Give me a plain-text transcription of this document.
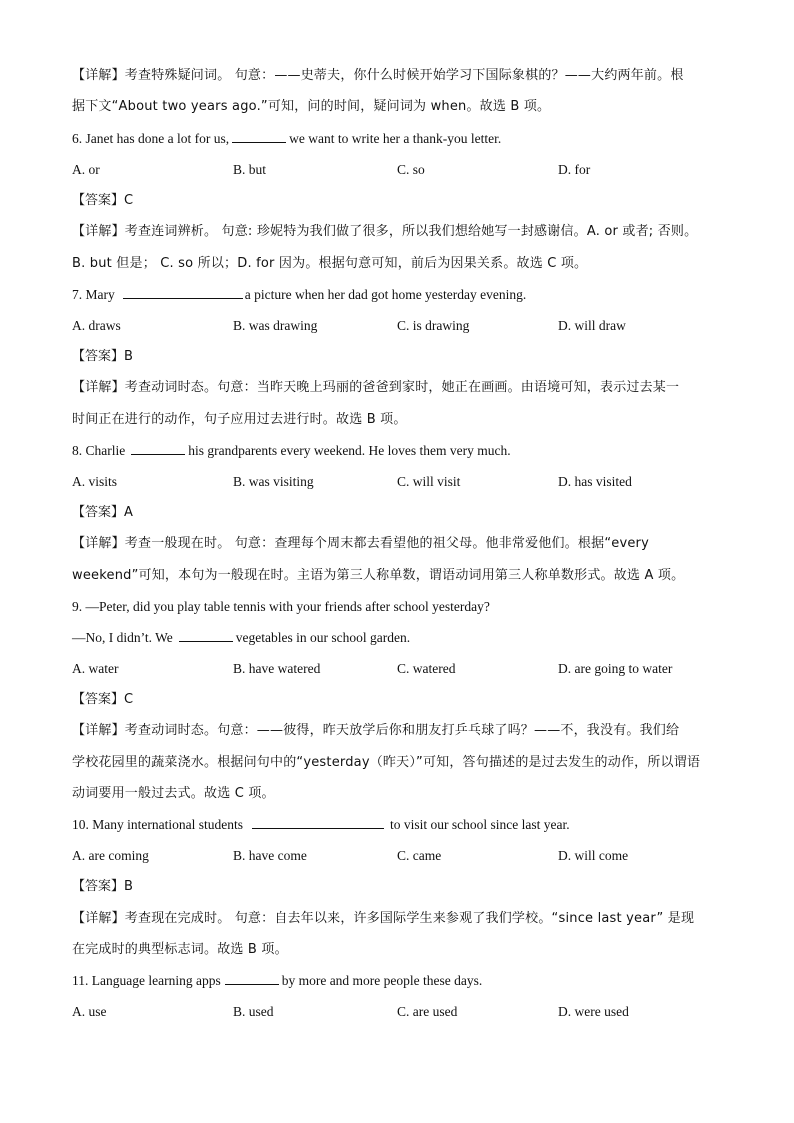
【详解】考查特殊疑问词。 句意：——史蒂夫，你什么时候开始学习下国际象棋的？——大约两年前。根
据下文“About two years ago.”可知，问的时间，疑问词为 when。故选 B 项。
6. Janet has done a lot for us,	we want to write her a thank-you letter.
A. or	B. but	C. so	D. for
【答案】C
【详解】考查连词辨析。 句意: 珍妮特为我们做了很多，所以我们想给她写一封感谢信。A. or 或者; 否则。
B. but 但是； C. so 所以；D. for 因为。根据句意可知，前后为因果关系。故选 C 项。
7. Mary	a picture when her dad got home yesterday evening.
A. draws	B. was drawing	C. is drawing	D. will draw
【答案】B
【详解】考查动词时态。句意：当昨天晚上玛丽的爸爸到家时，她正在画画。由语境可知，表示过去某一
时间正在进行的动作，句子应用过去进行时。故选 B 项。
8. Charlie	his grandparents every weekend. He loves them very much.
A. visits	B. was visiting	C. will visit	D. has visited
【答案】A
【详解】考查一般现在时。 句意：查理每个周末都去看望他的祖父母。他非常爱他们。根据“every
weekend”可知，本句为一般现在时。主语为第三人称单数，谓语动词用第三人称单数形式。故选 A 项。
9. —Peter, did you play table tennis with your friends after school yesterday?
—No, I didn’t. We	vegetables in our school garden.
A. water	B. have watered	C. watered	D. are going to water
【答案】C
【详解】考查动词时态。句意：——彼得，昨天放学后你和朋友打乒乓球了吗？——不，我没有。我们给
学校花园里的蔬菜浇水。根据问句中的“yesterday（昨天）”可知，答句描述的是过去发生的动作，所以谓语
动词要用一般过去式。故选 C 项。
10. Many international students	to visit our school since last year.
A. are coming	B. have come	C. came	D. will come
【答案】B
【详解】考查现在完成时。 句意：自去年以来，许多国际学生来参观了我们学校。“since last year” 是现
在完成时的典型标志词。故选 B 项。
11. Language learning apps	by more and more people these days.
A. use	B. used	C. are used	D. were used
